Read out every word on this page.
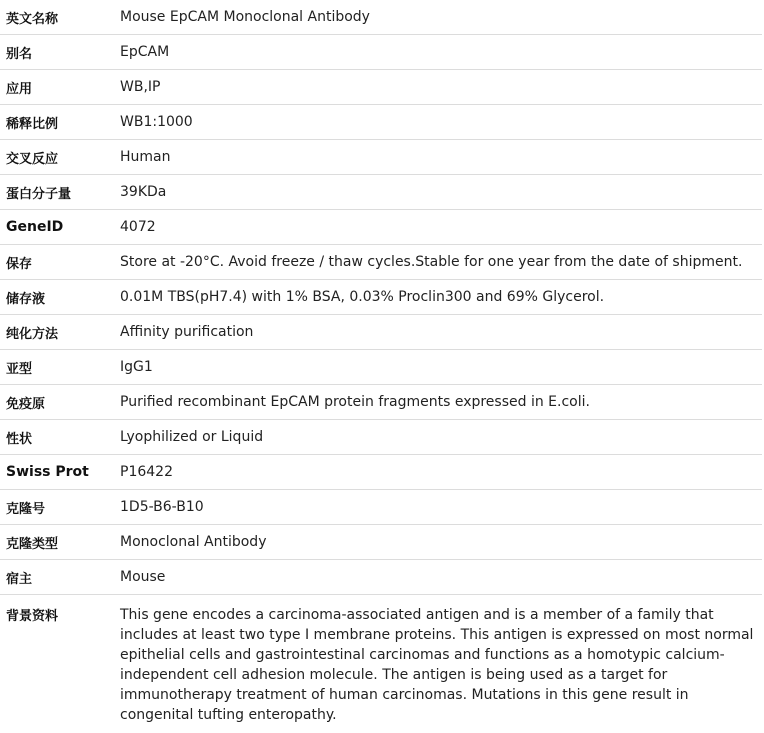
英文名称	Mouse EpCAM Monoclonal Antibody
别名	EpCAM
应用	WB,IP
稀释比例	WB1:1000
交叉反应	Human
蛋白分子量	39KDa
GeneID	4072
保存	Store at -20°C. Avoid freeze / thaw cycles.Stable for one year from the date of shipment.
储存液	0.01M TBS(pH7.4) with 1% BSA, 0.03% Proclin300 and 69% Glycerol.
纯化方法	Affinity purification
亚型	IgG1
免疫原	Purified recombinant EpCAM protein fragments expressed in E.coli.
性状	Lyophilized or Liquid
Swiss Prot	P16422
克隆号	1D5-B6-B10
克隆类型	Monoclonal Antibody
宿主	Mouse
背景资料	This gene encodes a carcinoma-associated antigen and is a member of a family that includes at least two type I membrane proteins. This antigen is expressed on most normal epithelial cells and gastrointestinal carcinomas and functions as a homotypic calcium-independent cell adhesion molecule. The antigen is being used as a target for immunotherapy treatment of human carcinomas. Mutations in this gene result in congenital tufting enteropathy.
